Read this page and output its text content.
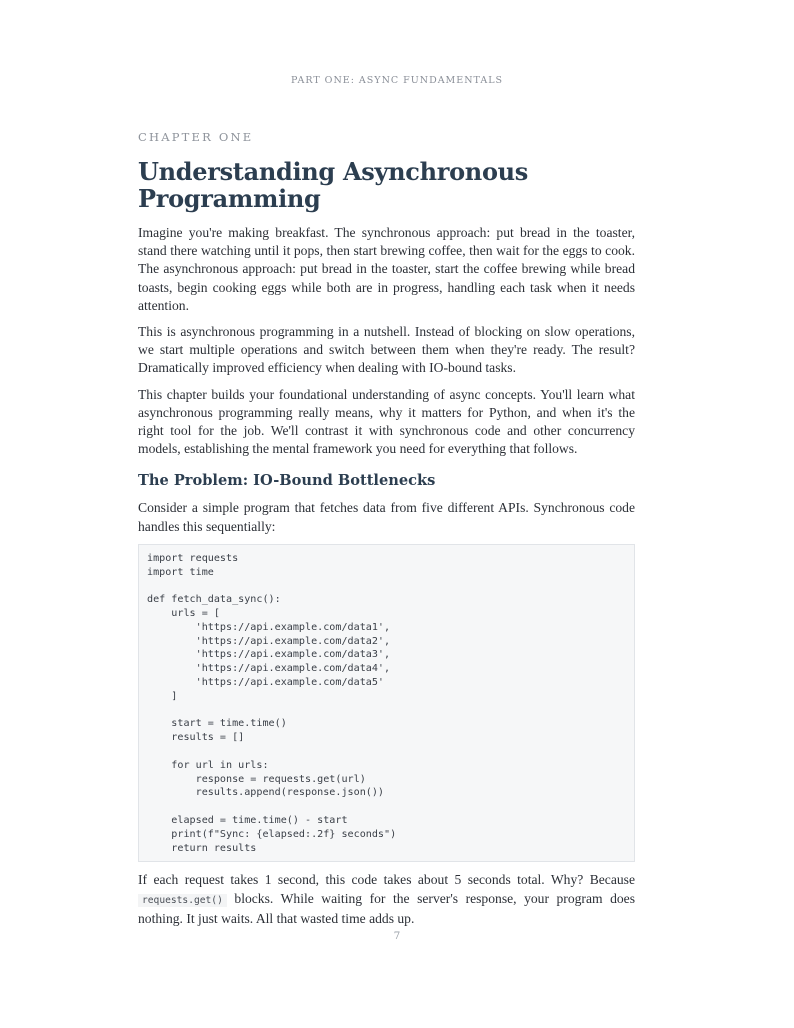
PART ONE: ASYNC FUNDAMENTALS
CHAPTER ONE
Understanding Asynchronous
Programming

Imagine you're making breakfast. The synchronous approach: put bread in the toaster, stand there watching until it pops, then start brewing coffee, then wait for the eggs to cook. The asynchronous approach: put bread in the toaster, start the coffee brewing while bread toasts, begin cooking eggs while both are in progress, handling each task when it needs attention.

This is asynchronous programming in a nutshell. Instead of blocking on slow operations, we start multiple operations and switch between them when they're ready. The result? Dramatically improved efficiency when dealing with IO-bound tasks.

This chapter builds your foundational understanding of async concepts. You'll learn what asynchronous programming really means, why it matters for Python, and when it's the right tool for the job. We'll contrast it with synchronous code and other concurrency models, establishing the mental framework you need for everything that follows.

The Problem: IO-Bound Bottlenecks

Consider a simple program that fetches data from five different APIs. Synchronous code handles this sequentially:

import requests
import time
def fetch_data_sync():
urls = [
'https://api.example.com/data1',
'https://api.example.com/data2',
'https://api.example.com/data3',
'https://api.example.com/data4',
'https://api.example.com/data5'
]
start = time.time()
results = []
for url in urls:
response = requests.get(url)
results.append(response.json())
elapsed = time.time() - start
print(f"Sync: {elapsed:.2f} seconds")
return results

If each request takes 1 second, this code takes about 5 seconds total. Why? Because requests.get() blocks. While waiting for the server's response, your program does nothing. It just waits. All that wasted time adds up.

7
